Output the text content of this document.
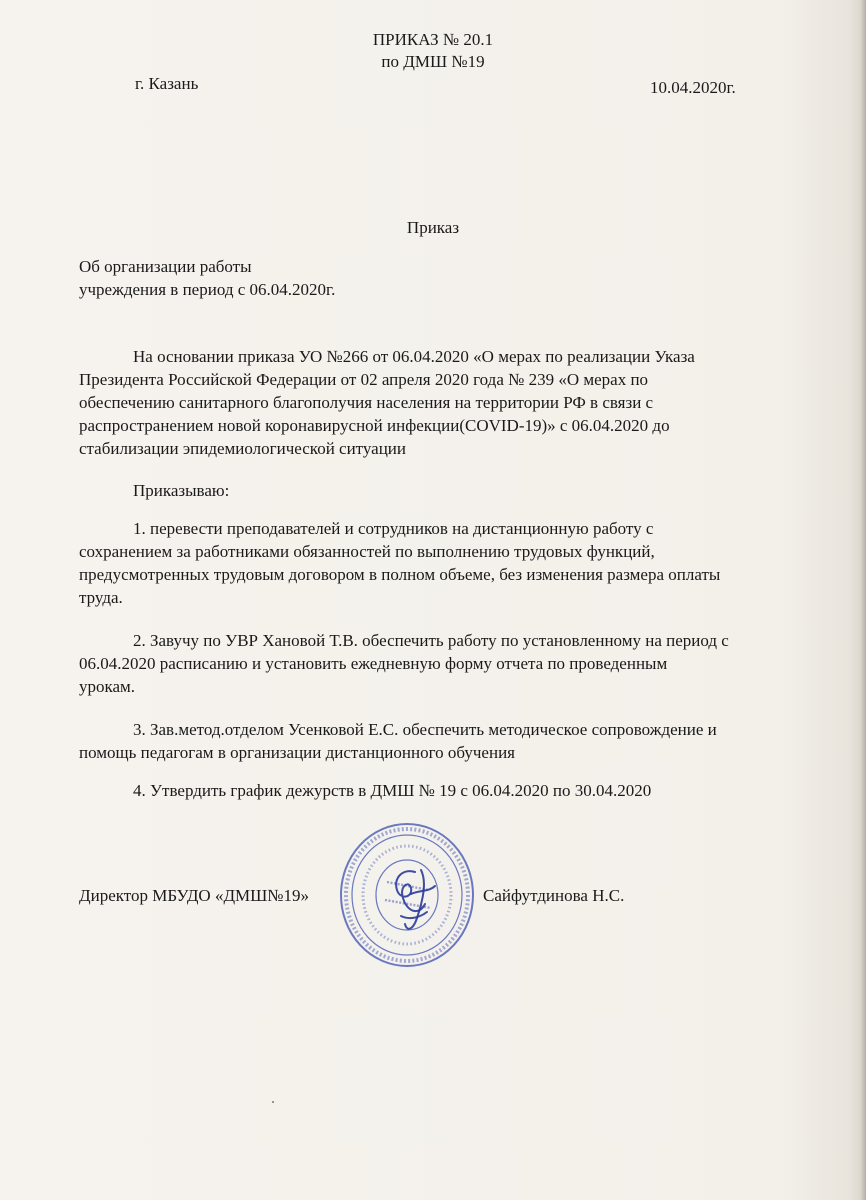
ПРИКАЗ № 20.1
по ДМШ №19
г. Казань	10.04.2020г.
Приказ
Об организации работы
учреждения в период с 06.04.2020г.
На основании приказа УО №266 от 06.04.2020 «О мерах по реализации Указа
Президента Российской Федерации от 02 апреля 2020 года № 239 «О мерах по
обеспечению санитарного благополучия населения на территории РФ в связи с
распространением новой коронавирусной инфекции(COVID-19)» с 06.04.2020 до
стабилизации эпидемиологической ситуации
Приказываю:
1. перевести преподавателей и сотрудников на дистанционную работу с
сохранением за работниками обязанностей по выполнению трудовых функций,
предусмотренных трудовым договором в полном объеме, без изменения размера оплаты
труда.
2. Завучу по УВР Хановой Т.В. обеспечить работу по установленному на период с
06.04.2020 расписанию и установить ежедневную форму отчета по проведенным
урокам.
3. Зав.метод.отделом Усенковой Е.С. обеспечить методическое сопровождение и
помощь педагогам в организации дистанционного обучения
4. Утвердить график дежурств в ДМШ № 19 с 06.04.2020 по 30.04.2020
Директор МБУДО «ДМШ№19»	Сайфутдинова Н.С.
